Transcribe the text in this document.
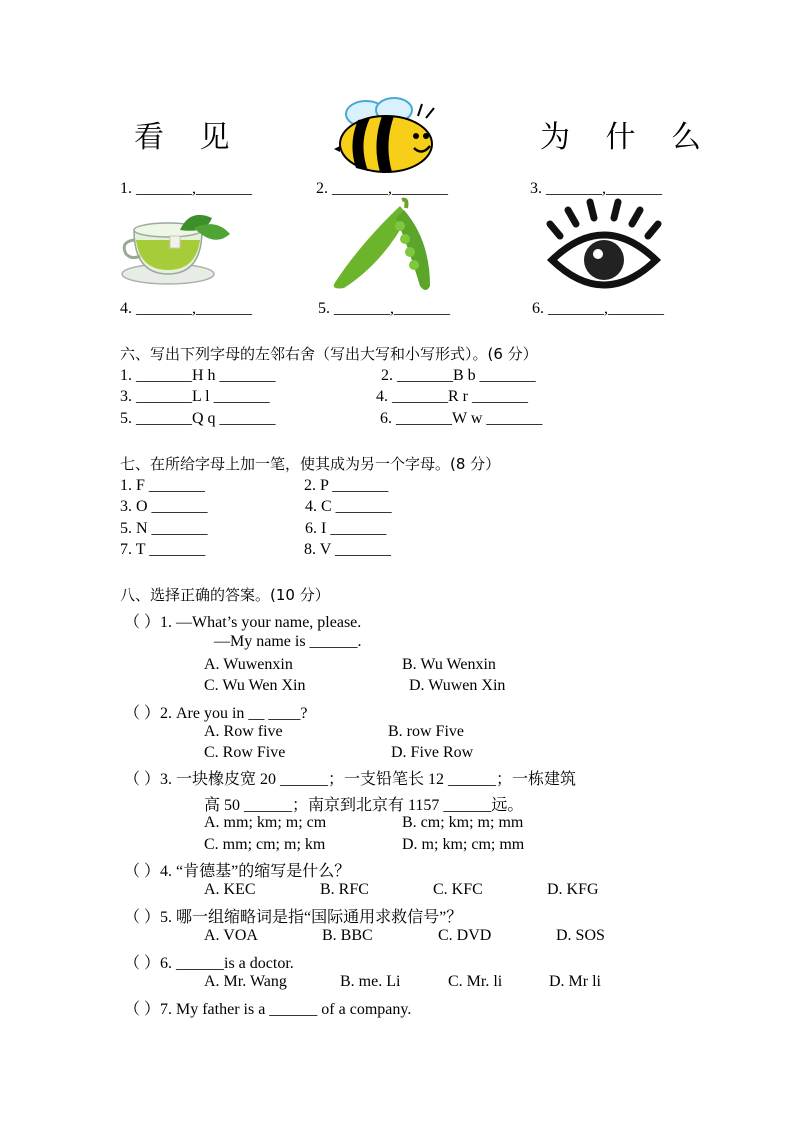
看 见	为 什 么
1. _______,_______	2. _______,_______	3. _______,_______
4. _______,_______	5. _______,_______	6. _______,_______
六、写出下列字母的左邻右舍（写出大写和小写形式）。(6 分）
1. _______H h _______	2. _______B b _______
3. _______L l _______	4. _______R r _______
5. _______Q q _______	6. _______W w _______
七、在所给字母上加一笔，使其成为另一个字母。(8 分）
1. F _______	2. P _______
3. O _______	4. C _______
5. N _______	6. I _______
7. T _______	8. V _______
八、选择正确的答案。(10 分）
（ ）1. —What’s your name, please.
—My name is ______.
A. Wuwenxin	B. Wu Wenxin
C. Wu Wen Xin	D. Wuwen Xin
（ ）2. Are you in __ ____?
A. Row five	B. row Five
C. Row Five	D. Five Row
（ ）3. 一块橡皮宽 20 ______；一支铅笔长 12 ______；一栋建筑
高 50 ______；南京到北京有 1157 ______远。
A. mm; km; m; cm	B. cm; km; m; mm
C. mm; cm; m; km	D. m; km; cm; mm
（ ）4. “肯德基”的缩写是什么？
A. KEC	B. RFC	C. KFC	D. KFG
（ ）5. 哪一组缩略词是指“国际通用求救信号”？
A. VOA	B. BBC	C. DVD	D. SOS
（ ）6. ______is a doctor.
A. Mr. Wang	B. me. Li	C. Mr. li	D. Mr li
（ ）7. My father is a ______ of a company.
